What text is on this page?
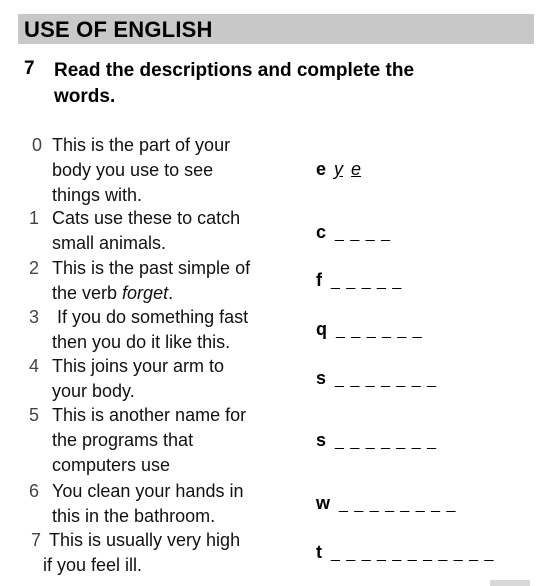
USE OF ENGLISH
7 Read the descriptions and complete the
words.
0 This is the part of your
body you use to see
things with.
e y e
1 Cats use these to catch
small animals.
c _ _ _ _
2 This is the past simple of
the verb forget.
f _ _ _ _ _
3 If you do something fast
then you do it like this.
q _ _ _ _ _ _
4 This joins your arm to
your body.
s _ _ _ _ _ _ _
5 This is another name for
the programs that
computers use
s _ _ _ _ _ _ _
6 You clean your hands in
this in the bathroom.
w _ _ _ _ _ _ _ _
7 This is usually very high
if you feel ill.
t _ _ _ _ _ _ _ _ _ _ _
